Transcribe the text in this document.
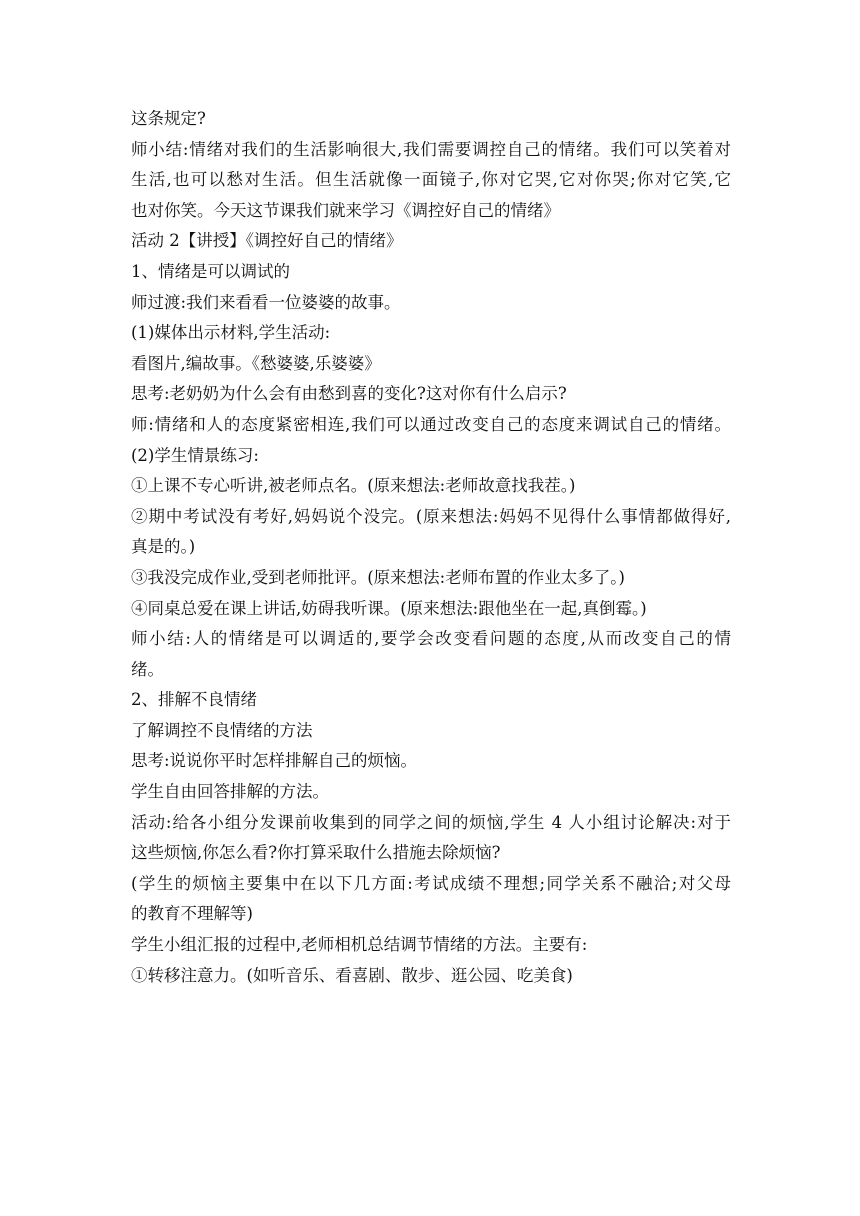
这条规定?

师小结:情绪对我们的生活影响很大,我们需要调控自己的情绪。我们可以笑着对

生活,也可以愁对生活。但生活就像一面镜子,你对它哭,它对你哭;你对它笑,它

也对你笑。今天这节课我们就来学习《调控好自己的情绪》

活动 2【讲授】《调控好自己的情绪》

1、情绪是可以调试的

师过渡:我们来看看一位婆婆的故事。

(1)媒体出示材料,学生活动:

看图片,编故事。《愁婆婆,乐婆婆》

思考:老奶奶为什么会有由愁到喜的变化?这对你有什么启示?

师:情绪和人的态度紧密相连,我们可以通过改变自己的态度来调试自己的情绪。

(2)学生情景练习:

①上课不专心听讲,被老师点名。(原来想法:老师故意找我茬。)

②期中考试没有考好,妈妈说个没完。(原来想法:妈妈不见得什么事情都做得好,

真是的。)

③我没完成作业,受到老师批评。(原来想法:老师布置的作业太多了。)

④同桌总爱在课上讲话,妨碍我听课。(原来想法:跟他坐在一起,真倒霉。)

师小结:人的情绪是可以调适的,要学会改变看问题的态度,从而改变自己的情

绪。

2、排解不良情绪

了解调控不良情绪的方法

思考:说说你平时怎样排解自己的烦恼。

学生自由回答排解的方法。

活动:给各小组分发课前收集到的同学之间的烦恼,学生 4 人小组讨论解决:对于

这些烦恼,你怎么看?你打算采取什么措施去除烦恼?

(学生的烦恼主要集中在以下几方面:考试成绩不理想;同学关系不融洽;对父母

的教育不理解等)

学生小组汇报的过程中,老师相机总结调节情绪的方法。主要有:

①转移注意力。(如听音乐、看喜剧、散步、逛公园、吃美食)
